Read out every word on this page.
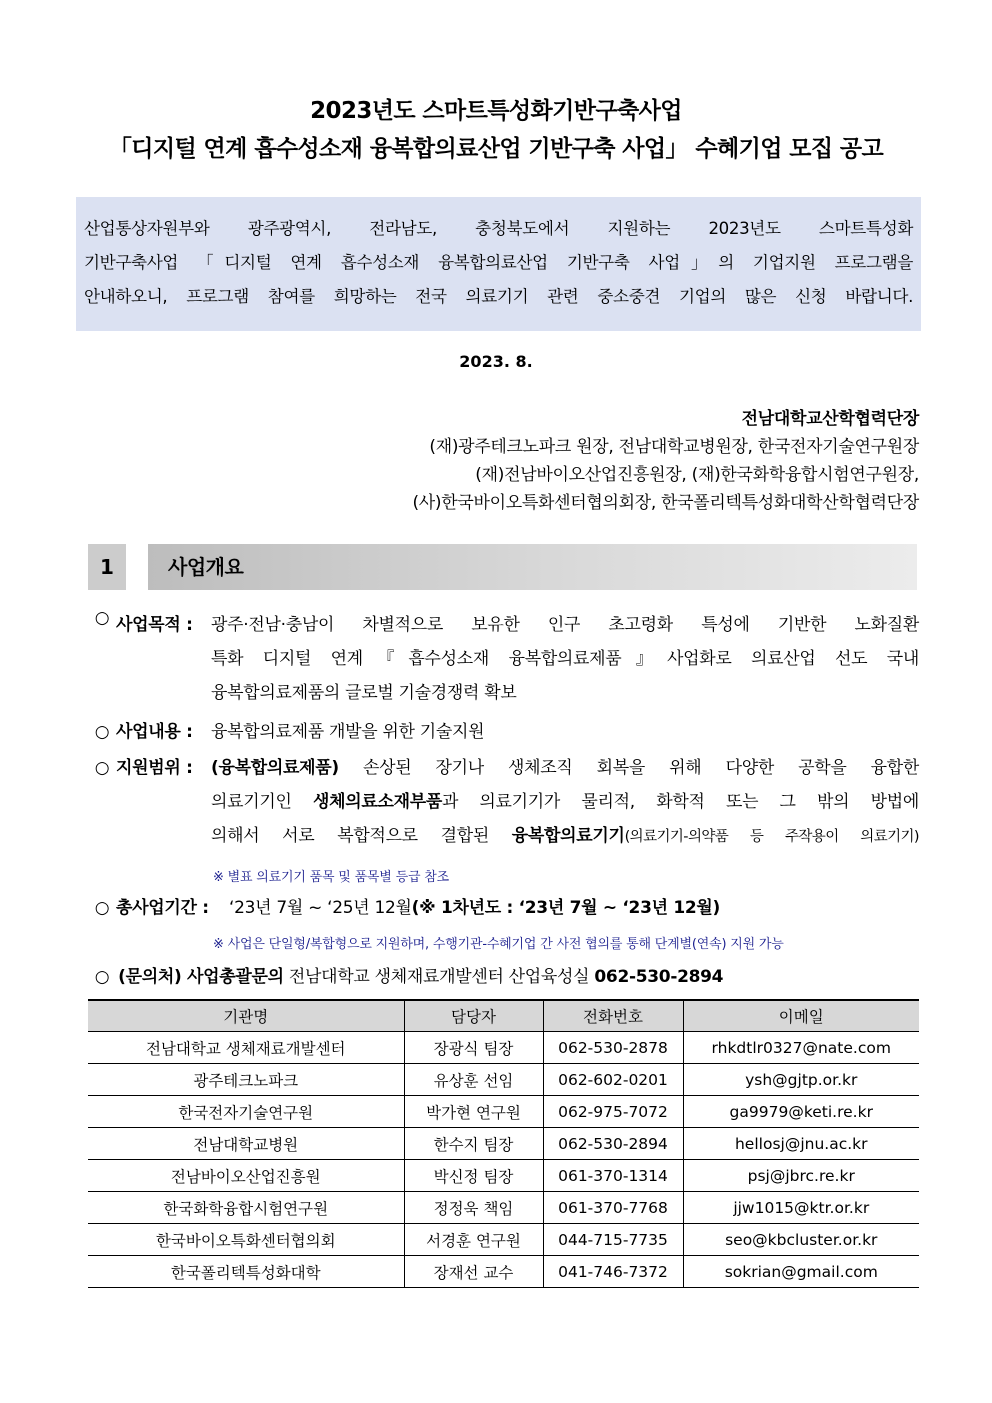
2023년도 스마트특성화기반구축사업
「디지털 연계 흡수성소재 융복합의료산업 기반구축 사업」 수혜기업 모집 공고
산업통상자원부와 광주광역시, 전라남도, 충청북도에서 지원하는 2023년도 스마트특성화
기반구축사업 「디지털 연계 흡수성소재 융복합의료산업 기반구축 사업」의 기업지원 프로그램을
안내하오니, 프로그램 참여를 희망하는 전국 의료기기 관련 중소중견 기업의 많은 신청 바랍니다.
2023. 8.
전남대학교산학협력단장
(재)광주테크노파크 원장, 전남대학교병원장, 한국전자기술연구원장
(재)전남바이오산업진흥원장, (재)한국화학융합시험연구원장,
(사)한국바이오특화센터협의회장, 한국폴리텍특성화대학산학협력단장
1	사업개요
○ 사업목적 : 광주·전남·충남이 차별적으로 보유한 인구 초고령화 특성에 기반한 노화질환
특화 디지털 연계『흡수성소재 융복합의료제품』사업화로 의료산업 선도 국내
융복합의료제품의 글로벌 기술경쟁력 확보
○ 사업내용 : 융복합의료제품 개발을 위한 기술지원
○ 지원범위 : (융복합의료제품) 손상된 장기나 생체조직 회복을 위해 다양한 공학을 융합한
의료기기인 생체의료소재부품과 의료기기가 물리적, 화학적 또는 그 밖의 방법에
의해서 서로 복합적으로 결합된 융복합의료기기(의료기기-의약품 등 주작용이 의료기기)
※ 별표 의료기기 품목 및 품목별 등급 참조
○ 총사업기간 : ‘23년 7월 ~ ‘25년 12월(※ 1차년도 : ‘23년 7월 ~ ‘23년 12월)
※ 사업은 단일형/복합형으로 지원하며, 수행기관-수혜기업 간 사전 협의를 통해 단계별(연속) 지원 가능
○ (문의처) 사업총괄문의 전남대학교 생체재료개발센터 산업육성실 062-530-2894
기관명	담당자	전화번호	이메일
전남대학교 생체재료개발센터	장광식 팀장	062-530-2878	rhkdtlr0327@nate.com
광주테크노파크	유상훈 선임	062-602-0201	ysh@gjtp.or.kr
한국전자기술연구원	박가현 연구원	062-975-7072	ga9979@keti.re.kr
전남대학교병원	한수지 팀장	062-530-2894	hellosj@jnu.ac.kr
전남바이오산업진흥원	박신정 팀장	061-370-1314	psj@jbrc.re.kr
한국화학융합시험연구원	정정욱 책임	061-370-7768	jjw1015@ktr.or.kr
한국바이오특화센터협의회	서경훈 연구원	044-715-7735	seo@kbcluster.or.kr
한국폴리텍특성화대학	장재선 교수	041-746-7372	sokrian@gmail.com
